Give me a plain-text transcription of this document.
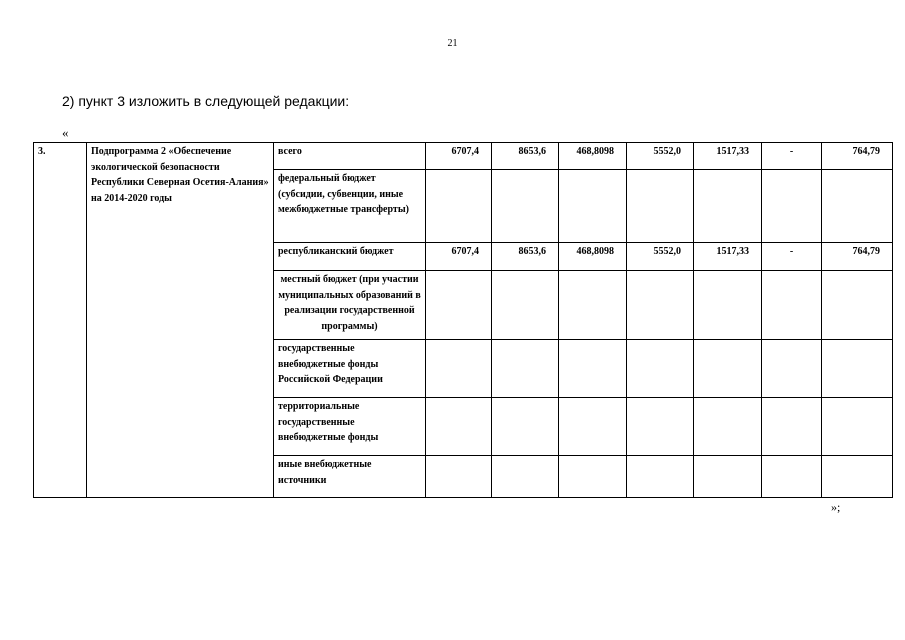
21
2) пункт 3 изложить в следующей редакции:
«
3.	Подпрограмма 2 «Обеспечение экологической безопасности Республики Северная Осетия-Алания» на 2014-2020 годы	всего	6707,4	8653,6	468,8098	5552,0	1517,33	-	764,79
		федеральный бюджет (субсидии, субвенции, иные межбюджетные трансферты)							
		республиканский бюджет	6707,4	8653,6	468,8098	5552,0	1517,33	-	764,79
		местный бюджет (при участии муниципальных образований в реализации государственной программы)							
		государственные внебюджетные фонды Российской Федерации							
		территориальные государственные внебюджетные фонды							
		иные внебюджетные источники							
»;
